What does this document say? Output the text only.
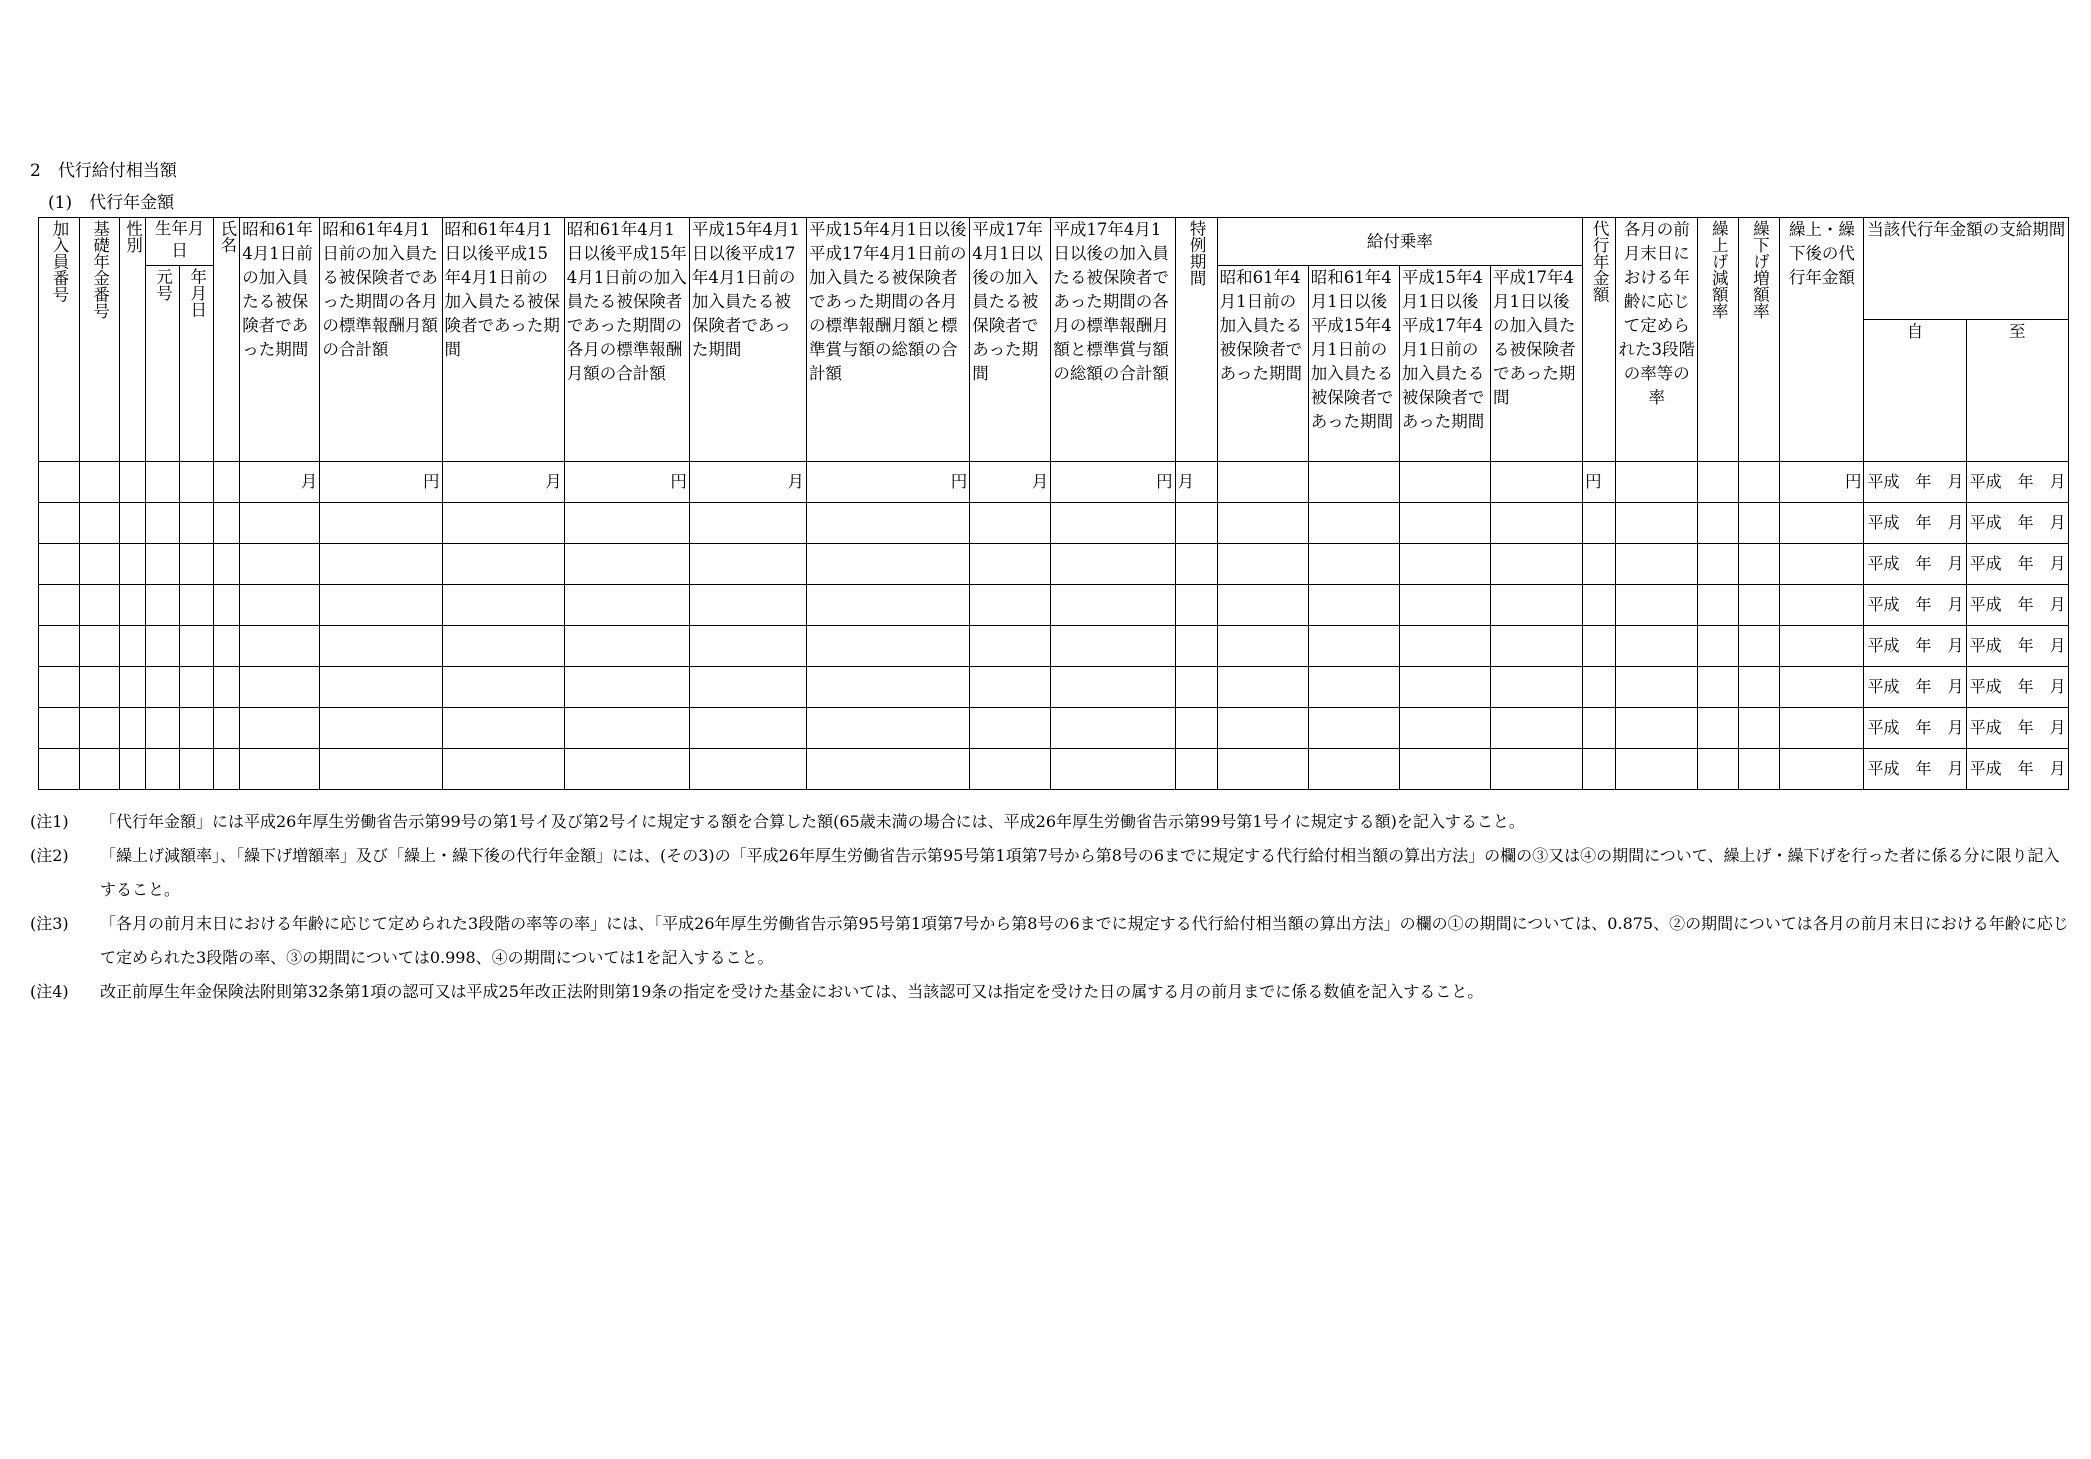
2　代行給付相当額
(1)　代行年金額
加入員番号	基礎年金番号	性別	生年月日		氏名	昭和61年4月1日前の加入員たる被保険者であった期間	昭和61年4月1日前の加入員たる被保険者であった期間の各月の標準報酬月額の合計額	昭和61年4月1日以後平成15年4月1日前の加入員たる被保険者であった期間	昭和61年4月1日以後平成15年4月1日前の加入員たる被保険者であった期間の各月の標準報酬月額の合計額	平成15年4月1日以後平成17年4月1日前の加入員たる被保険者であった期間	平成15年4月1日以後平成17年4月1日前の加入員たる被保険者であった期間の各月の標準報酬月額と標準賞与額の総額の合計額	平成17年4月1日以後の加入員たる被保険者であった期間	平成17年4月1日以後の加入員たる被保険者であった期間の各月の標準報酬月額と標準賞与額の総額の合計額	特例期間	給付乗率				代行年金額	各月の前月末日における年齢に応じて定められた3段階の率等の率	繰上げ減額率	繰下げ増額率	繰上・繰下後の代行年金額	当該代行年金額の支給期間	

			元号	年月日											昭和61年4月1日前の加入員たる被保険者であった期間	昭和61年4月1日以後平成15年4月1日前の加入員たる被保険者であった期間	平成15年4月1日以後平成17年4月1日前の加入員たる被保険者であった期間	平成17年4月1日以後の加入員たる被保険者であった期間							
																								自	至
						月	円	月	円	月	円	月	円	月					円				円	平成　年　月	平成　年　月
																								平成　年　月	平成　年　月
																								平成　年　月	平成　年　月
																								平成　年　月	平成　年　月
																								平成　年　月	平成　年　月
																								平成　年　月	平成　年　月
																								平成　年　月	平成　年　月
																								平成　年　月	平成　年　月
(注1) 「代行年金額」には平成26年厚生労働省告示第99号の第1号イ及び第2号イに規定する額を合算した額(65歳未満の場合には、平成26年厚生労働省告示第99号第1号イに規定する額)を記入すること。
(注2) 「繰上げ減額率」、「繰下げ増額率」及び「繰上・繰下後の代行年金額」には、(その3)の「平成26年厚生労働省告示第95号第1項第7号から第8号の6までに規定する代行給付相当額の算出方法」の欄の③又は④の期間について、繰上げ・繰下げを行った者に係る分に限り記入すること。
(注3) 「各月の前月末日における年齢に応じて定められた3段階の率等の率」には、「平成26年厚生労働省告示第95号第1項第7号から第8号の6までに規定する代行給付相当額の算出方法」の欄の①の期間については、0.875、②の期間については各月の前月末日における年齢に応じて定められた3段階の率、③の期間については0.998、④の期間については1を記入すること。
(注4) 改正前厚生年金保険法附則第32条第1項の認可又は平成25年改正法附則第19条の指定を受けた基金においては、当該認可又は指定を受けた日の属する月の前月までに係る数値を記入すること。
